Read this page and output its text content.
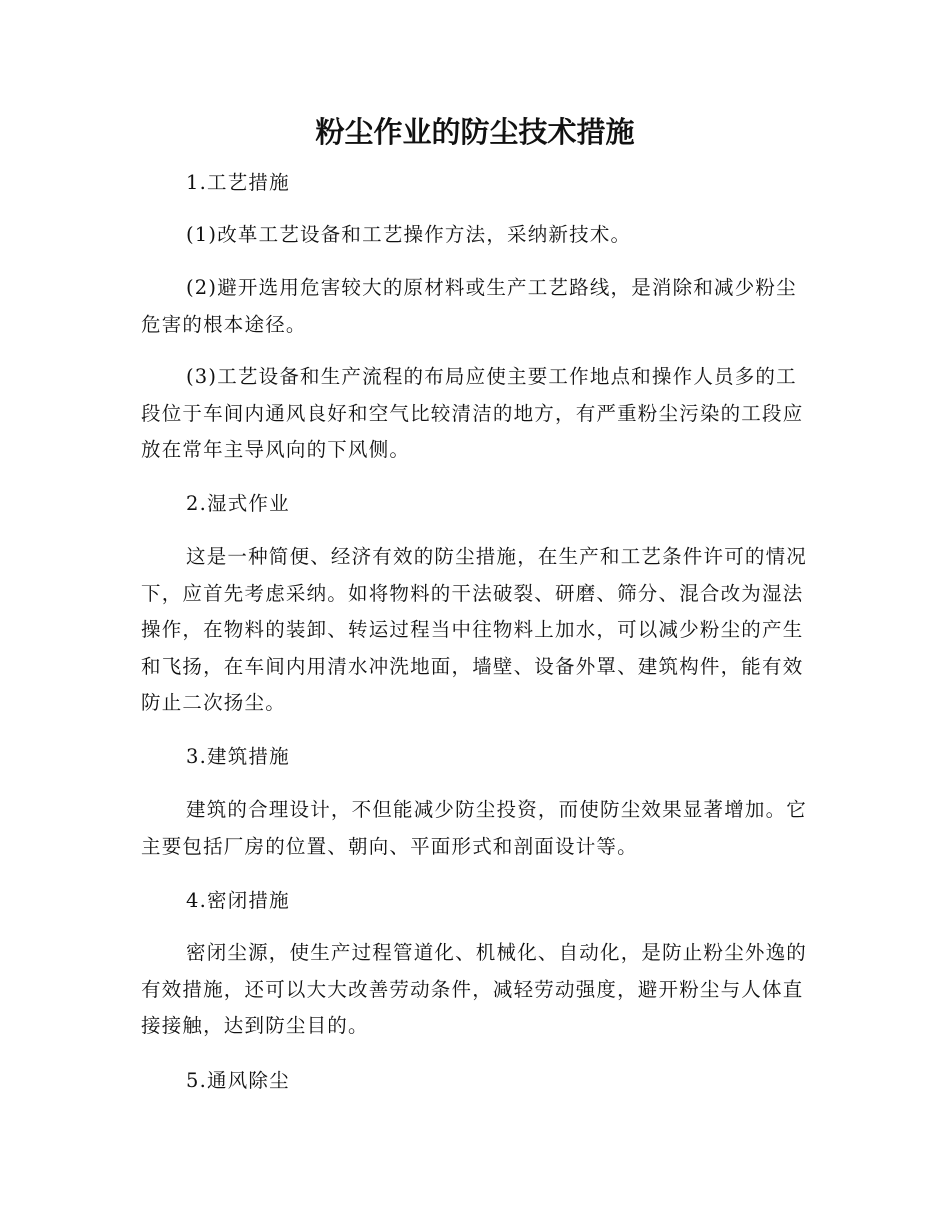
粉尘作业的防尘技术措施

1.工艺措施

(1)改革工艺设备和工艺操作方法，采纳新技术。

(2)避开选用危害较大的原材料或生产工艺路线，是消除和减少粉尘危害的根本途径。

(3)工艺设备和生产流程的布局应使主要工作地点和操作人员多的工段位于车间内通风良好和空气比较清洁的地方，有严重粉尘污染的工段应放在常年主导风向的下风侧。

2.湿式作业

这是一种简便、经济有效的防尘措施，在生产和工艺条件许可的情况下，应首先考虑采纳。如将物料的干法破裂、研磨、筛分、混合改为湿法操作，在物料的装卸、转运过程当中往物料上加水，可以减少粉尘的产生和飞扬，在车间内用清水冲洗地面，墙壁、设备外罩、建筑构件，能有效防止二次扬尘。

3.建筑措施

建筑的合理设计，不但能减少防尘投资，而使防尘效果显著增加。它主要包括厂房的位置、朝向、平面形式和剖面设计等。

4.密闭措施

密闭尘源，使生产过程管道化、机械化、自动化，是防止粉尘外逸的有效措施，还可以大大改善劳动条件，减轻劳动强度，避开粉尘与人体直接接触，达到防尘目的。

5.通风除尘
